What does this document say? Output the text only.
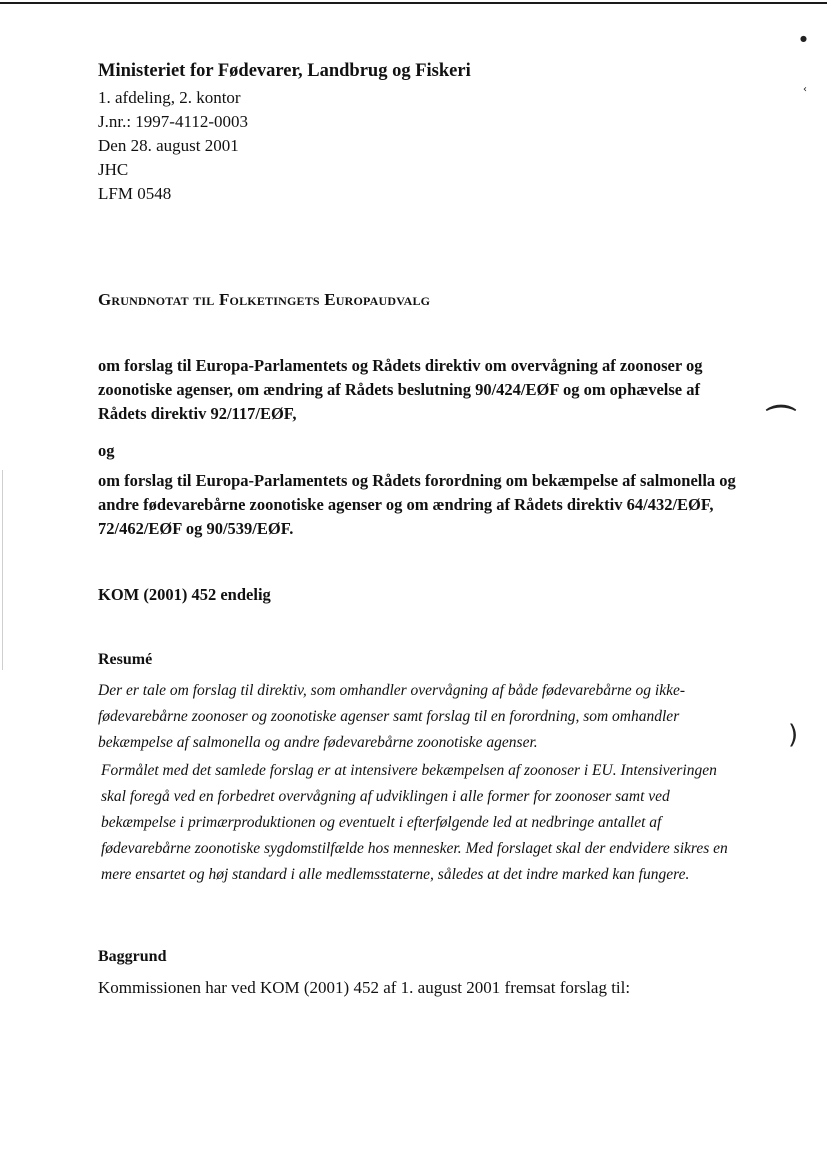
●
‹
⌒
)

Ministeriet for Fødevarer, Landbrug og Fiskeri

1. afdeling, 2. kontor

J.nr.: 1997-4112-0003

Den 28. august 2001

JHC

LFM 0548

Grundnotat til Folketingets Europaudvalg

om forslag til Europa-Parlamentets og Rådets direktiv om overvågning af zoonoser og zoonotiske agenser, om ændring af Rådets beslutning 90/424/EØF og om ophævelse af Rådets direktiv 92/117/EØF,

og

om forslag til Europa-Parlamentets og Rådets forordning om bekæmpelse af salmonella og andre fødevarebårne zoonotiske agenser og om ændring af Rådets direktiv 64/432/EØF, 72/462/EØF og 90/539/EØF.

KOM (2001) 452 endelig

Resumé

Der er tale om forslag til direktiv, som omhandler overvågning af både fødevarebårne og ikke-fødevarebårne zoonoser og zoonotiske agenser samt forslag til en forordning, som omhandler bekæmpelse af salmonella og andre fødevarebårne zoonotiske agenser.

Formålet med det samlede forslag er at intensivere bekæmpelsen af zoonoser i EU. Intensiveringen skal foregå ved en forbedret overvågning af udviklingen i alle former for zoonoser samt ved bekæmpelse i primærproduktionen og eventuelt i efterfølgende led at nedbringe antallet af fødevarebårne zoonotiske sygdomstilfælde hos mennesker. Med forslaget skal der endvidere sikres en mere ensartet og høj standard i alle medlemsstaterne, således at det indre marked kan fungere.

Baggrund

Kommissionen har ved KOM (2001) 452 af 1. august 2001 fremsat forslag til:
